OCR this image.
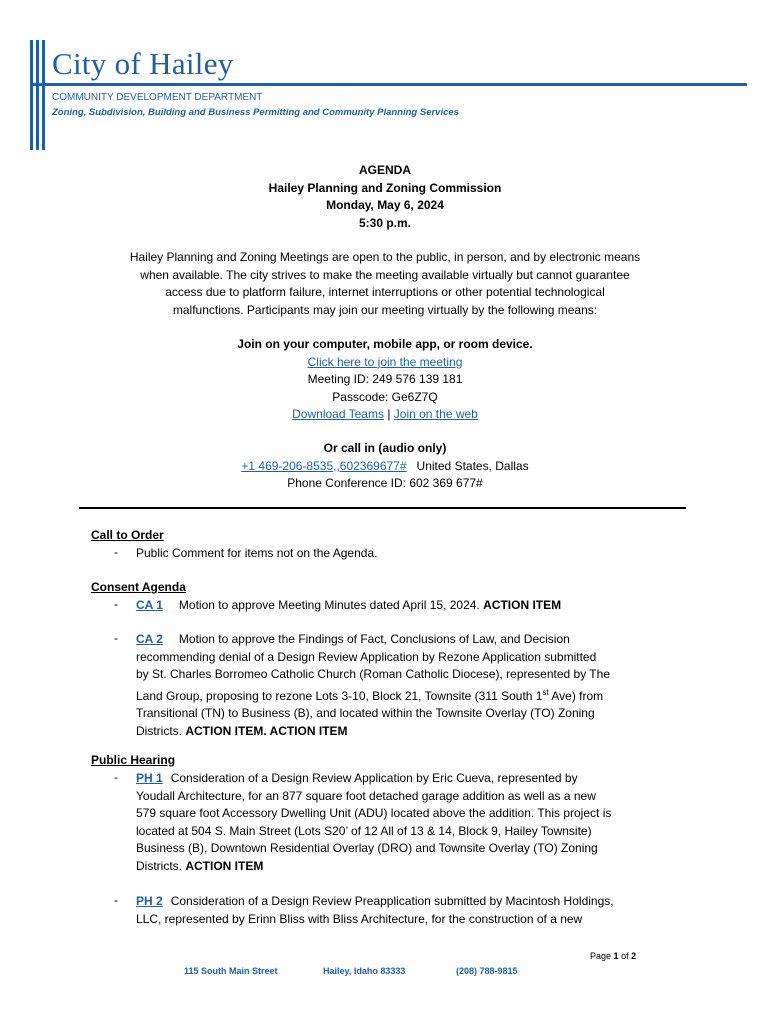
City of Hailey
COMMUNITY DEVELOPMENT DEPARTMENT
Zoning, Subdivision, Building and Business Permitting and Community Planning Services
AGENDA
Hailey Planning and Zoning Commission
Monday, May 6, 2024
5:30 p.m.
Hailey Planning and Zoning Meetings are open to the public, in person, and by electronic means
when available. The city strives to make the meeting available virtually but cannot guarantee
access due to platform failure, internet interruptions or other potential technological
malfunctions. Participants may join our meeting virtually by the following means:
Join on your computer, mobile app, or room device.
Click here to join the meeting
Meeting ID: 249 576 139 181
Passcode: Ge6Z7Q
Download Teams | Join on the web
Or call in (audio only)
+1 469-206-8535,,602369677# United States, Dallas
Phone Conference ID: 602 369 677#
Call to Order
- Public Comment for items not on the Agenda.
Consent Agenda
- CA 1 Motion to approve Meeting Minutes dated April 15, 2024. ACTION ITEM
- CA 2 Motion to approve the Findings of Fact, Conclusions of Law, and Decision
recommending denial of a Design Review Application by Rezone Application submitted
by St. Charles Borromeo Catholic Church (Roman Catholic Diocese), represented by The
Land Group, proposing to rezone Lots 3-10, Block 21, Townsite (311 South 1st Ave) from
Transitional (TN) to Business (B), and located within the Townsite Overlay (TO) Zoning
Districts. ACTION ITEM. ACTION ITEM
Public Hearing
- PH 1 Consideration of a Design Review Application by Eric Cueva, represented by
Youdall Architecture, for an 877 square foot detached garage addition as well as a new
579 square foot Accessory Dwelling Unit (ADU) located above the addition. This project is
located at 504 S. Main Street (Lots S20’ of 12 All of 13 & 14, Block 9, Hailey Townsite)
Business (B), Downtown Residential Overlay (DRO) and Townsite Overlay (TO) Zoning
Districts. ACTION ITEM
- PH 2 Consideration of a Design Review Preapplication submitted by Macintosh Holdings,
LLC, represented by Erinn Bliss with Bliss Architecture, for the construction of a new
Page 1 of 2
115 South Main Street	Hailey, Idaho 83333	(208) 788-9815
